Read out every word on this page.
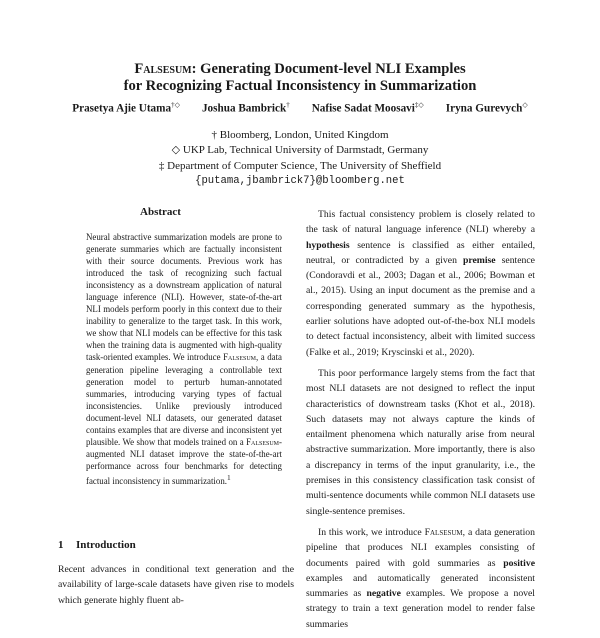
Falsesum: Generating Document-level NLI Examples
for Recognizing Factual Inconsistency in Summarization
Prasetya Ajie Utama†◇ Joshua Bambrick† Nafise Sadat Moosavi‡◇ Iryna Gurevych◇
† Bloomberg, London, United Kingdom
◇ UKP Lab, Technical University of Darmstadt, Germany
‡ Department of Computer Science, The University of Sheffield
{putama,jbambrick7}@bloomberg.net
Abstract

Neural abstractive summarization models are prone to generate summaries which are factually inconsistent with their source documents. Previous work has introduced the task of recognizing such factual inconsistency as a downstream application of natural language inference (NLI). However, state-of-the-art NLI models perform poorly in this context due to their inability to generalize to the target task. In this work, we show that NLI models can be effective for this task when the training data is augmented with high-quality task-oriented examples. We introduce Falsesum, a data generation pipeline leveraging a controllable text generation model to perturb human-annotated summaries, introducing varying types of factual inconsistencies. Unlike previously introduced document-level NLI datasets, our generated dataset contains examples that are diverse and inconsistent yet plausible. We show that models trained on a Falsesum-augmented NLI dataset improve the state-of-the-art performance across four benchmarks for detecting factual inconsistency in summarization.$^1$

1 Introduction
Recent advances in conditional text generation and the availability of large-scale datasets have given rise to models which generate highly fluent ab-

This factual consistency problem is closely related to the task of natural language inference (NLI) whereby a hypothesis sentence is classified as either entailed, neutral, or contradicted by a given premise sentence (Condoravdi et al., 2003; Dagan et al., 2006; Bowman et al., 2015). Using an input document as the premise and a corresponding generated summary as the hypothesis, earlier solutions have adopted out-of-the-box NLI models to detect factual inconsistency, albeit with limited success (Falke et al., 2019; Kryscinski et al., 2020).

This poor performance largely stems from the fact that most NLI datasets are not designed to reflect the input characteristics of downstream tasks (Khot et al., 2018). Such datasets may not always capture the kinds of entailment phenomena which naturally arise from neural abstractive summarization. More importantly, there is also a discrepancy in terms of the input granularity, i.e., the premises in this consistency classification task consist of multi-sentence documents while common NLI datasets use single-sentence premises.

In this work, we introduce Falsesum, a data generation pipeline that produces NLI examples consisting of documents paired with gold summaries as positive examples and automatically generated inconsistent summaries as negative examples. We propose a novel strategy to train a text generation model to render false summaries
